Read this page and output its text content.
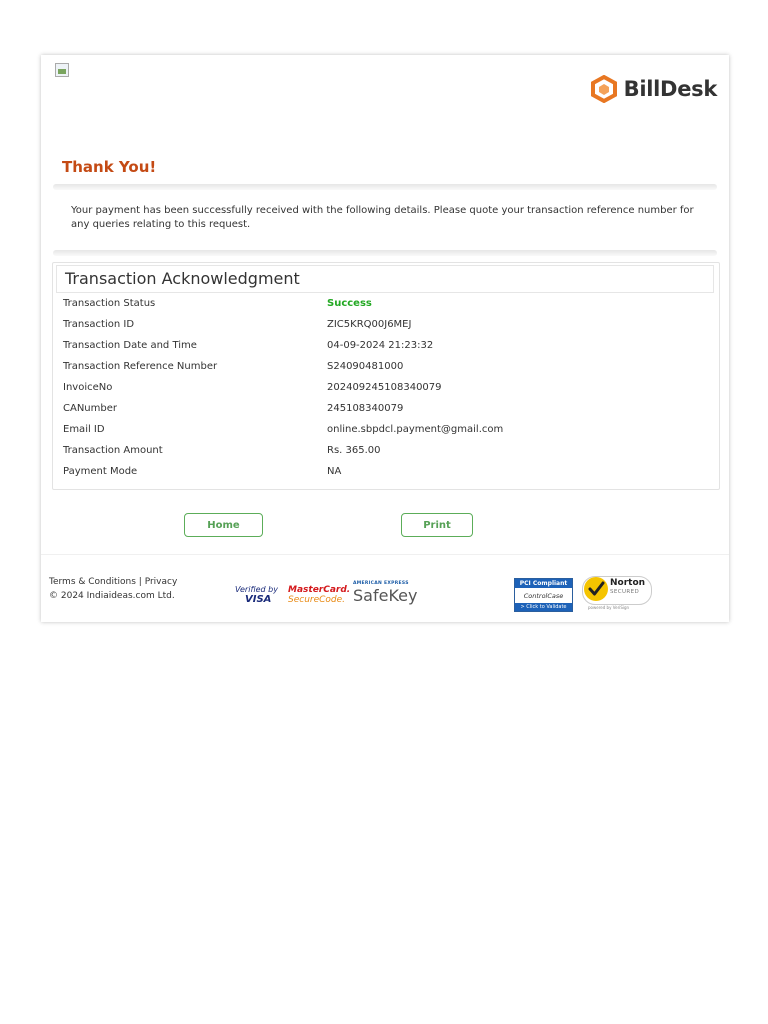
BillDesk
Thank You!
Your payment has been successfully received with the following details. Please quote your transaction reference number for any queries relating to this request.
Transaction Acknowledgment
Transaction Status	Success
Transaction ID	ZIC5KRQ00J6MEJ
Transaction Date and Time	04-09-2024 21:23:32
Transaction Reference Number	S24090481000
InvoiceNo	202409245108340079
CANumber	245108340079
Email ID	online.sbpdcl.payment@gmail.com
Transaction Amount	Rs. 365.00
Payment Mode	NA
Home	Print
Terms & Conditions | Privacy
© 2024 Indiaideas.com Ltd.
Verified by
VISA
MasterCard.
SecureCode.
AMERICAN EXPRESS
SafeKey
PCI Compliant
ControlCase
> Click to Validate
Norton
SECURED
powered by VeriSign
